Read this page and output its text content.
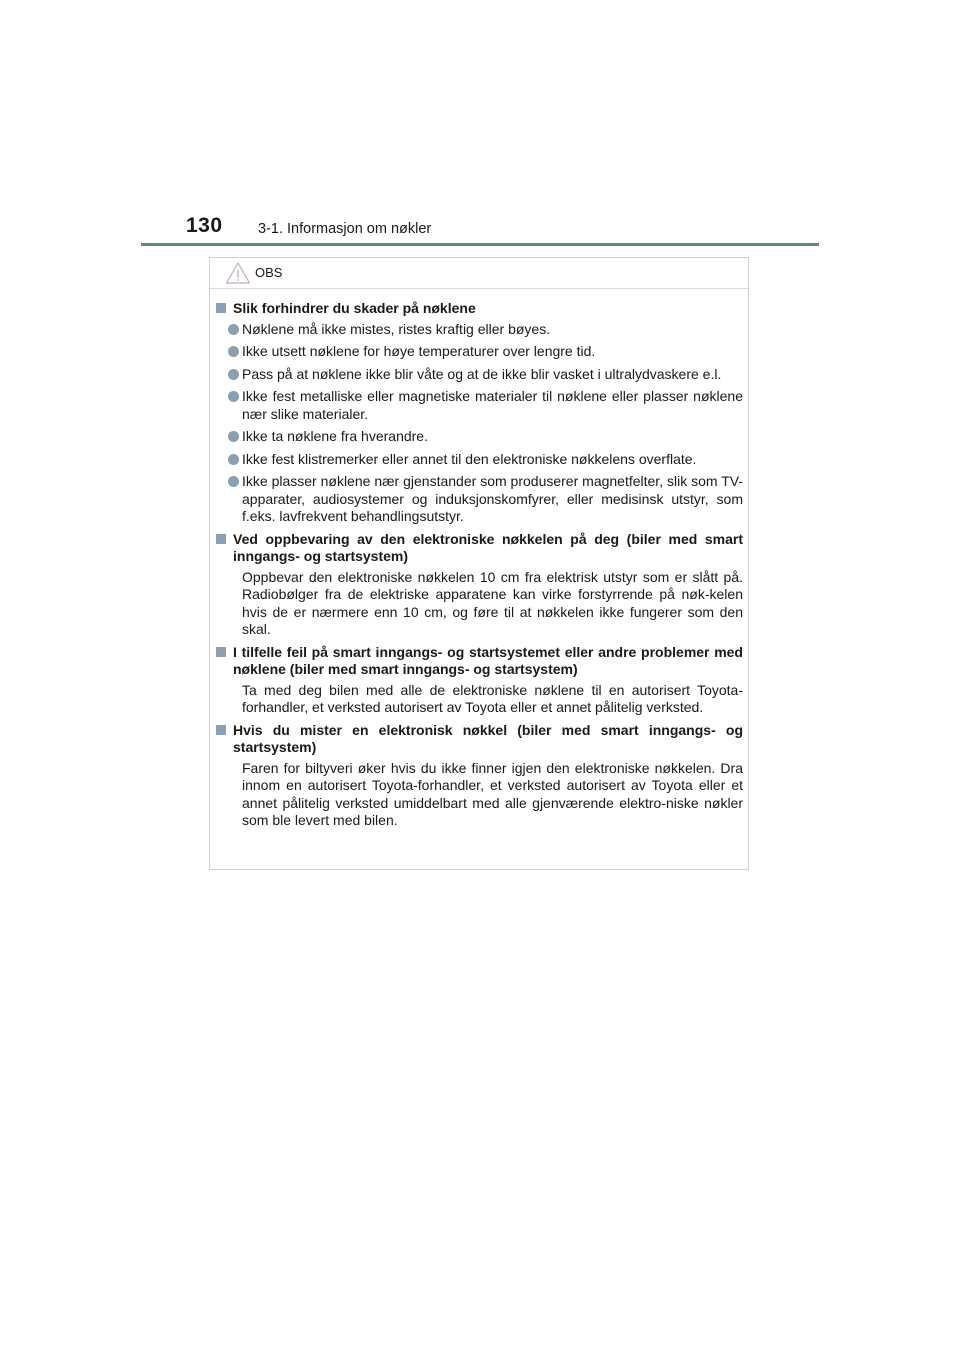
130 3-1. Informasjon om nøkler
OBS
Slik forhindrer du skader på nøklene
Nøklene må ikke mistes, ristes kraftig eller bøyes.
Ikke utsett nøklene for høye temperaturer over lengre tid.
Pass på at nøklene ikke blir våte og at de ikke blir vasket i ultralydvaskere e.l.
Ikke fest metalliske eller magnetiske materialer til nøklene eller plasser nøklene nær slike materialer.
Ikke ta nøklene fra hverandre.
Ikke fest klistremerker eller annet til den elektroniske nøkkelens overflate.
Ikke plasser nøklene nær gjenstander som produserer magnetfelter, slik som TV-apparater, audiosystemer og induksjonskomfyrer, eller medisinsk utstyr, som f.eks. lavfrekvent behandlingsutstyr.
Ved oppbevaring av den elektroniske nøkkelen på deg (biler med smart inngangs- og startsystem)
Oppbevar den elektroniske nøkkelen 10 cm fra elektrisk utstyr som er slått på. Radiobølger fra de elektriske apparatene kan virke forstyrrende på nøk-kelen hvis de er nærmere enn 10 cm, og føre til at nøkkelen ikke fungerer som den skal.
I tilfelle feil på smart inngangs- og startsystemet eller andre problemer med nøklene (biler med smart inngangs- og startsystem)
Ta med deg bilen med alle de elektroniske nøklene til en autorisert Toyota-forhandler, et verksted autorisert av Toyota eller et annet pålitelig verksted.
Hvis du mister en elektronisk nøkkel (biler med smart inngangs- og startsystem)
Faren for biltyveri øker hvis du ikke finner igjen den elektroniske nøkkelen. Dra innom en autorisert Toyota-forhandler, et verksted autorisert av Toyota eller et annet pålitelig verksted umiddelbart med alle gjenværende elektro-niske nøkler som ble levert med bilen.
